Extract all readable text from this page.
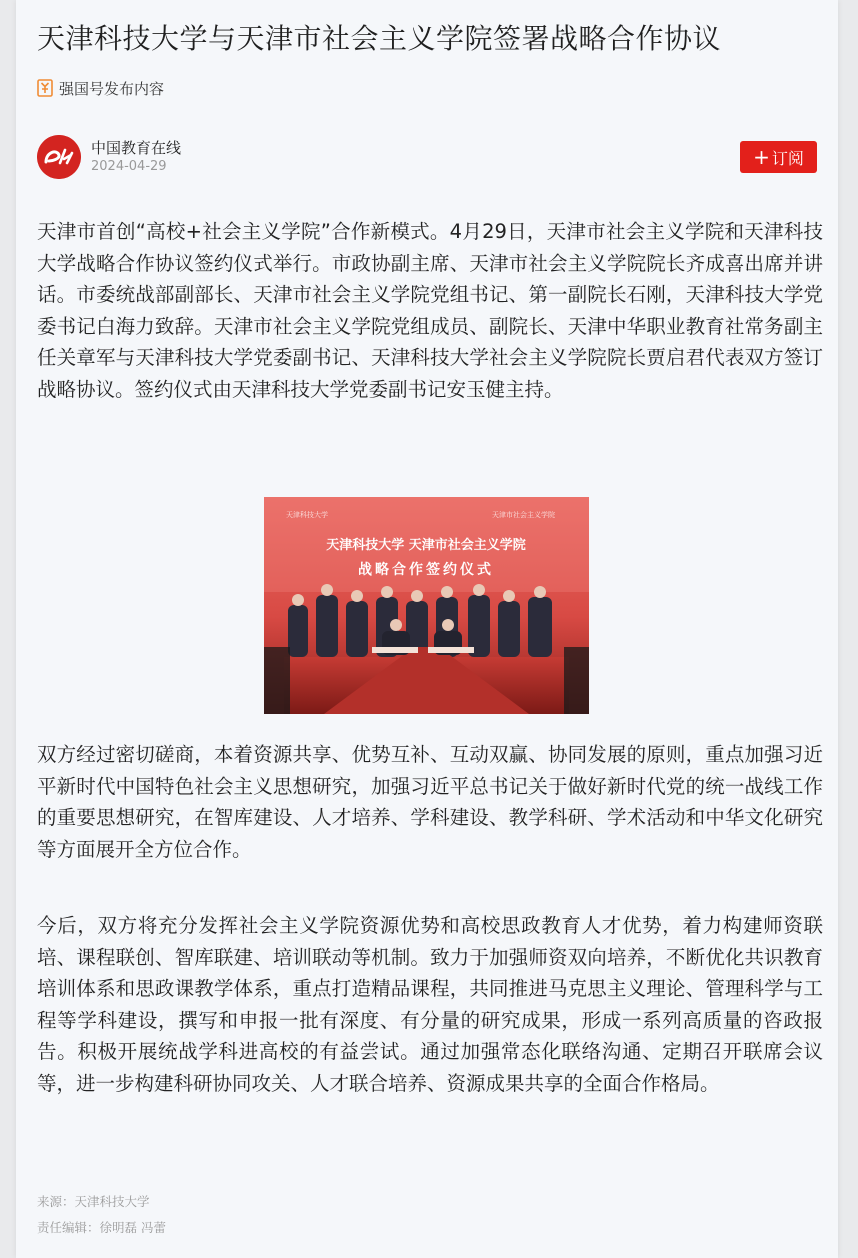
天津科技大学与天津市社会主义学院签署战略合作协议
强国号发布内容
中国教育在线
2024-04-29	+ 订阅

天津市首创“高校+社会主义学院”合作新模式。4月29日，天津市社会主义学院和天津科技大学战略合作协议签约仪式举行。市政协副主席、天津市社会主义学院院长齐成喜出席并讲话。市委统战部副部长、天津市社会主义学院党组书记、第一副院长石刚，天津科技大学党委书记白海力致辞。天津市社会主义学院党组成员、副院长、天津中华职业教育社常务副主任关章军与天津科技大学党委副书记、天津科技大学社会主义学院院长贾启君代表双方签订战略协议。签约仪式由天津科技大学党委副书记安玉健主持。

天津科技大学	天津市社会主义学院
天津科技大学 天津市社会主义学院
战略合作签约仪式

双方经过密切磋商，本着资源共享、优势互补、互动双赢、协同发展的原则，重点加强习近平新时代中国特色社会主义思想研究，加强习近平总书记关于做好新时代党的统一战线工作的重要思想研究，在智库建设、人才培养、学科建设、教学科研、学术活动和中华文化研究等方面展开全方位合作。

今后，双方将充分发挥社会主义学院资源优势和高校思政教育人才优势，着力构建师资联培、课程联创、智库联建、培训联动等机制。致力于加强师资双向培养，不断优化共识教育培训体系和思政课教学体系，重点打造精品课程，共同推进马克思主义理论、管理科学与工程等学科建设，撰写和申报一批有深度、有分量的研究成果，形成一系列高质量的咨政报告。积极开展统战学科进高校的有益尝试。通过加强常态化联络沟通、定期召开联席会议等，进一步构建科研协同攻关、人才联合培养、资源成果共享的全面合作格局。

来源：天津科技大学
责任编辑：徐明磊 冯蕾
